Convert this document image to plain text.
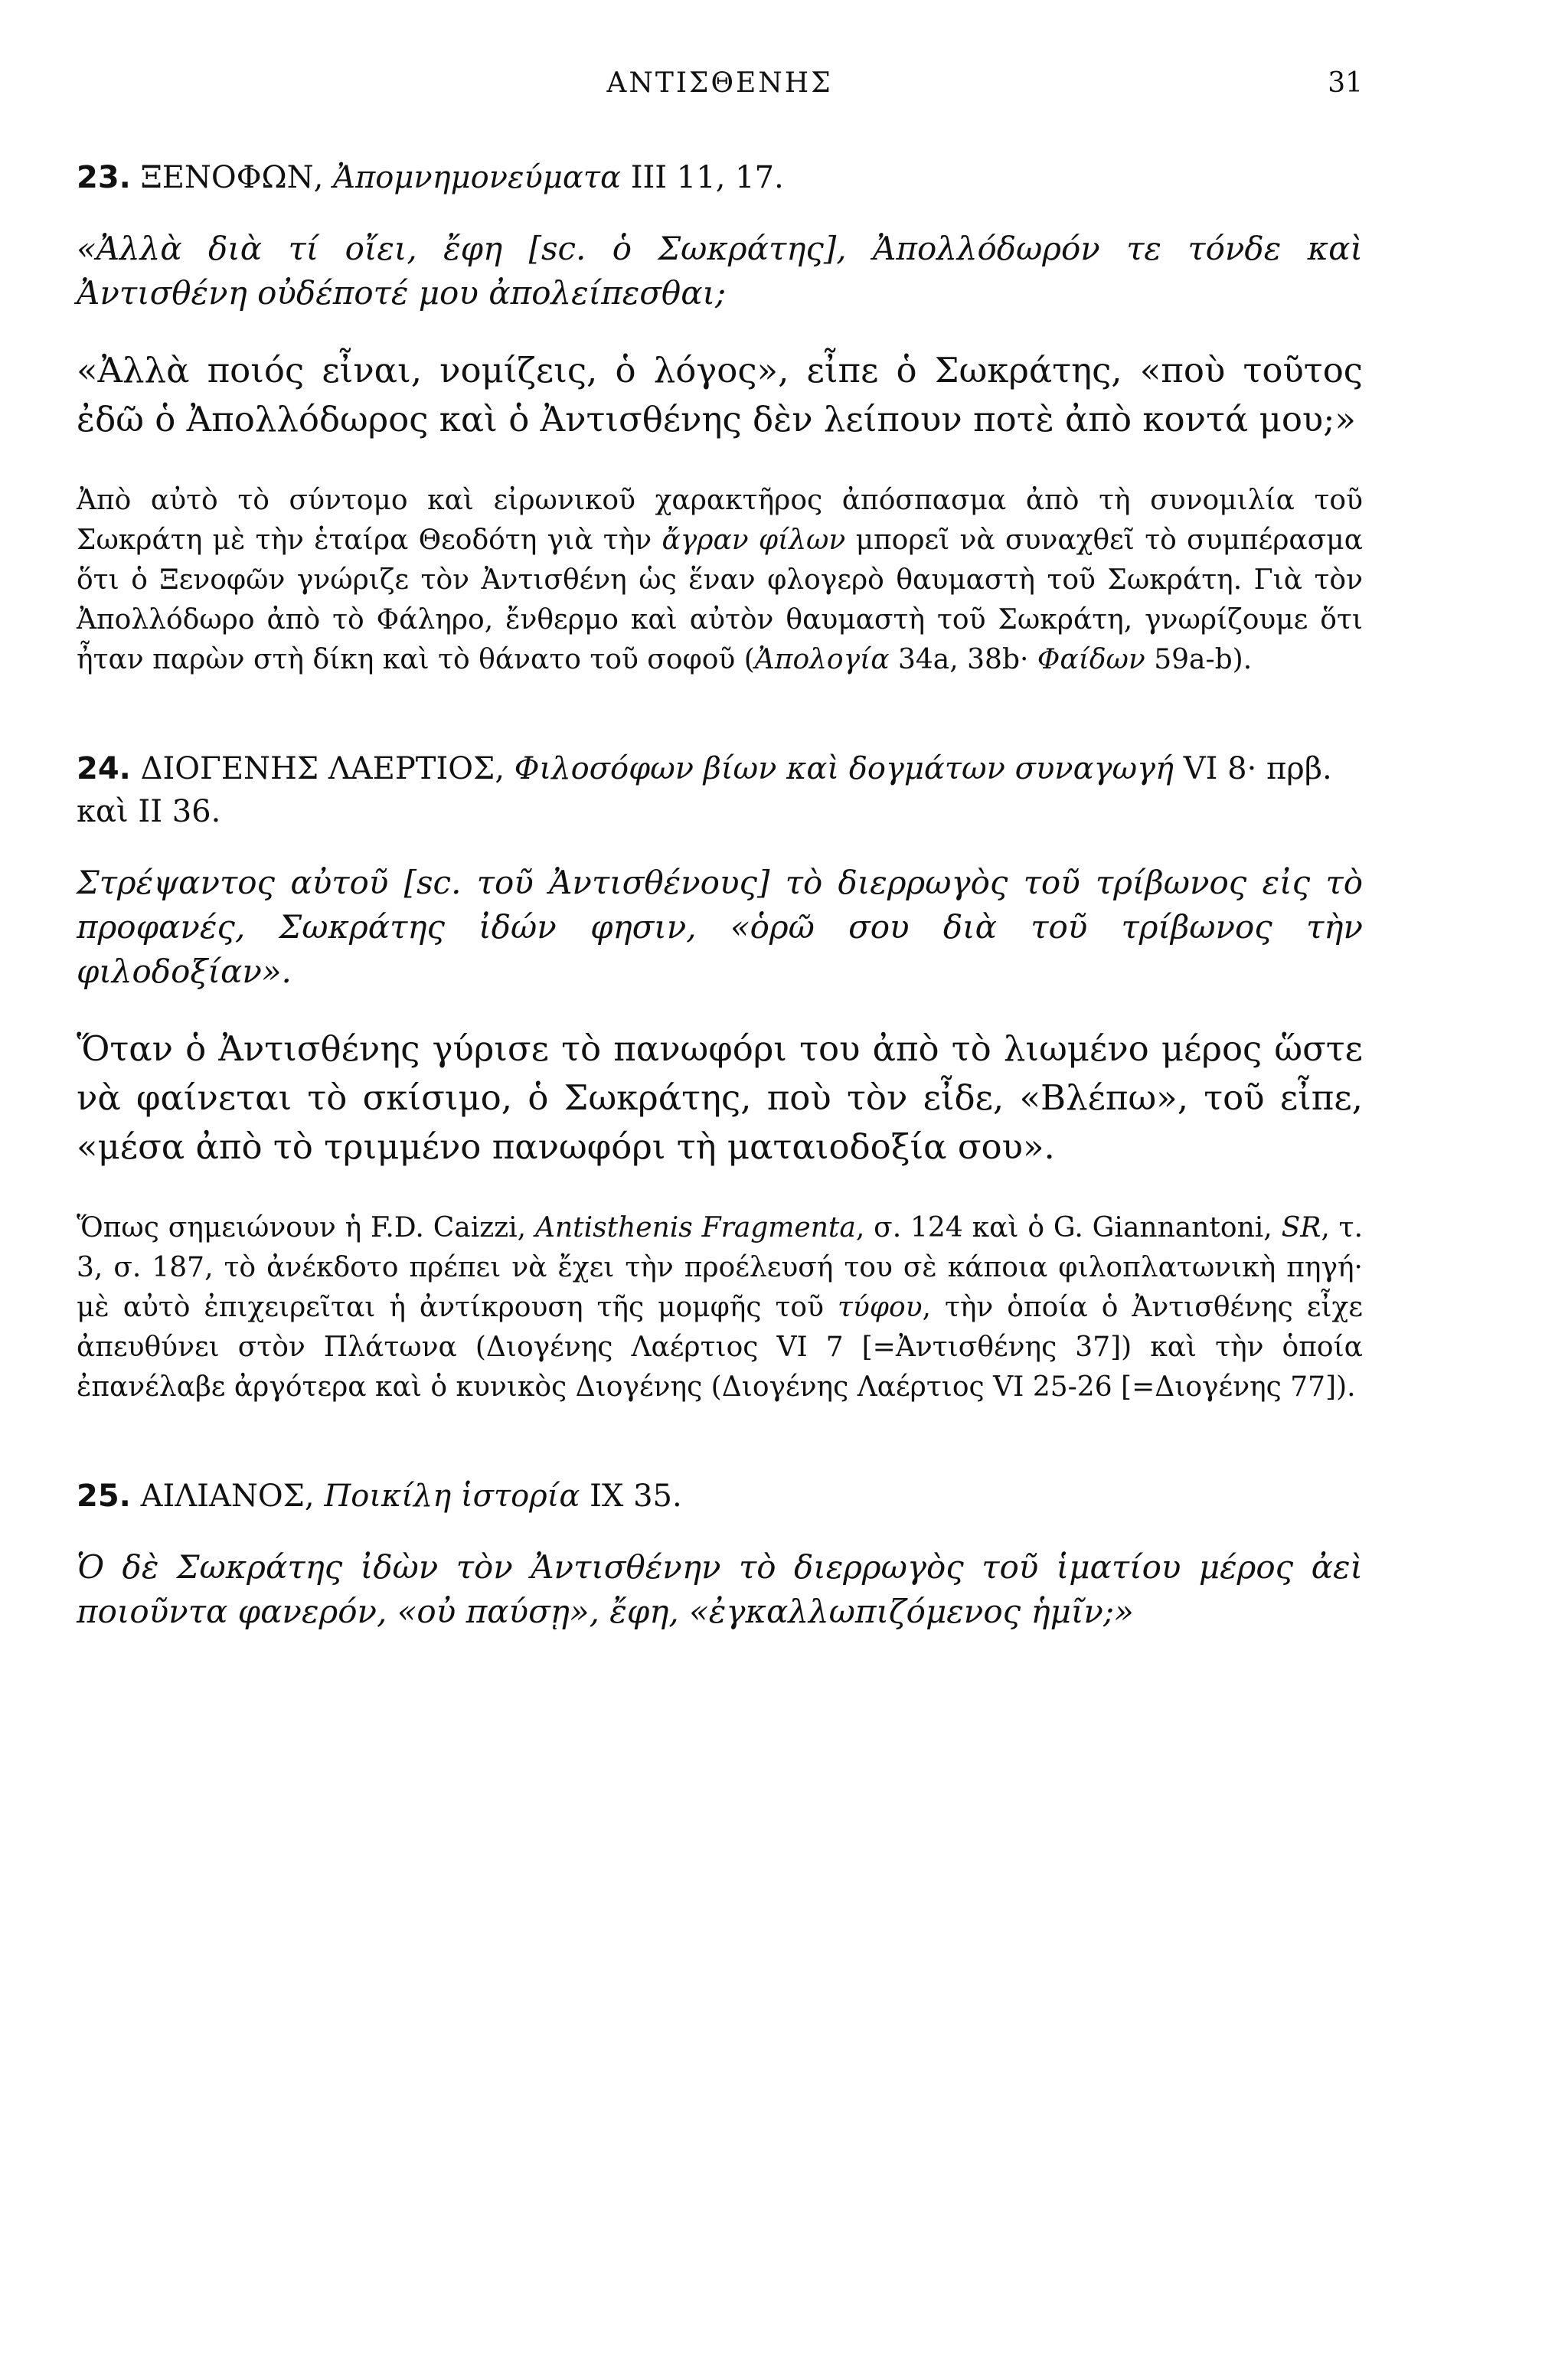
ΑΝΤΙΣΘΕΝΗΣ	31

23. ΞΕΝΟΦΩΝ, Ἀπομνημονεύματα III 11, 17.

«Ἀλλὰ διὰ τί οἴει, ἔφη [sc. ὁ Σωκράτης], Ἀπολλόδωρόν τε τόνδε καὶ Ἀντισθένη οὐδέποτέ μου ἀπολείπεσθαι;

«Ἀλλὰ ποιός εἶναι, νομίζεις, ὁ λόγος», εἶπε ὁ Σωκράτης, «ποὺ τοῦτος ἐδῶ ὁ Ἀπολλόδωρος καὶ ὁ Ἀντισθένης δὲν λείπουν ποτὲ ἀπὸ κοντά μου;»

Ἀπὸ αὐτὸ τὸ σύντομο καὶ εἰρωνικοῦ χαρακτῆρος ἀπόσπασμα ἀπὸ τὴ συνομιλία τοῦ Σωκράτη μὲ τὴν ἑταίρα Θεοδότη γιὰ τὴν ἄγραν φίλων μπορεῖ νὰ συναχθεῖ τὸ συμπέρασμα ὅτι ὁ Ξενοφῶν γνώριζε τὸν Ἀντισθένη ὡς ἕναν φλογερὸ θαυμαστὴ τοῦ Σωκράτη. Γιὰ τὸν Ἀπολλόδωρο ἀπὸ τὸ Φάληρο, ἔνθερμο καὶ αὐτὸν θαυμαστὴ τοῦ Σωκράτη, γνωρίζουμε ὅτι ἦταν παρὼν στὴ δίκη καὶ τὸ θάνατο τοῦ σοφοῦ (Ἀπολογία 34a, 38b· Φαίδων 59a-b).

24. ΔΙΟΓΕΝΗΣ ΛΑΕΡΤΙΟΣ, Φιλοσόφων βίων καὶ δογμάτων συναγωγή VI 8· πρβ. καὶ II 36.

Στρέψαντος αὐτοῦ [sc. τοῦ Ἀντισθένους] τὸ διερρωγὸς τοῦ τρίβωνος εἰς τὸ προφανές, Σωκράτης ἰδών φησιν, «ὁρῶ σου διὰ τοῦ τρίβωνος τὴν φιλοδοξίαν».

Ὅταν ὁ Ἀντισθένης γύρισε τὸ πανωφόρι του ἀπὸ τὸ λιωμένο μέρος ὥστε νὰ φαίνεται τὸ σκίσιμο, ὁ Σωκράτης, ποὺ τὸν εἶδε, «Βλέπω», τοῦ εἶπε, «μέσα ἀπὸ τὸ τριμμένο πανωφόρι τὴ ματαιοδοξία σου».

Ὅπως σημειώνουν ἡ F.D. Caizzi, Antisthenis Fragmenta, σ. 124 καὶ ὁ G. Giannantoni, SR, τ. 3, σ. 187, τὸ ἀνέκδοτο πρέπει νὰ ἔχει τὴν προέλευσή του σὲ κάποια φιλοπλατωνικὴ πηγή· μὲ αὐτὸ ἐπιχειρεῖται ἡ ἀντίκρουση τῆς μομφῆς τοῦ τύφου, τὴν ὁποία ὁ Ἀντισθένης εἶχε ἀπευθύνει στὸν Πλάτωνα (Διογένης Λαέρτιος VI 7 [=Ἀντισθένης 37]) καὶ τὴν ὁποία ἐπανέλαβε ἀργότερα καὶ ὁ κυνικὸς Διογένης (Διογένης Λαέρτιος VI 25-26 [=Διογένης 77]).

25. ΑΙΛΙΑΝΟΣ, Ποικίλη ἱστορία IX 35.

Ὁ δὲ Σωκράτης ἰδὼν τὸν Ἀντισθένην τὸ διερρωγὸς τοῦ ἱματίου μέρος ἀεὶ ποιοῦντα φανερόν, «οὐ παύσῃ», ἔφη, «ἐγκαλλωπιζόμενος ἡμῖν;»
